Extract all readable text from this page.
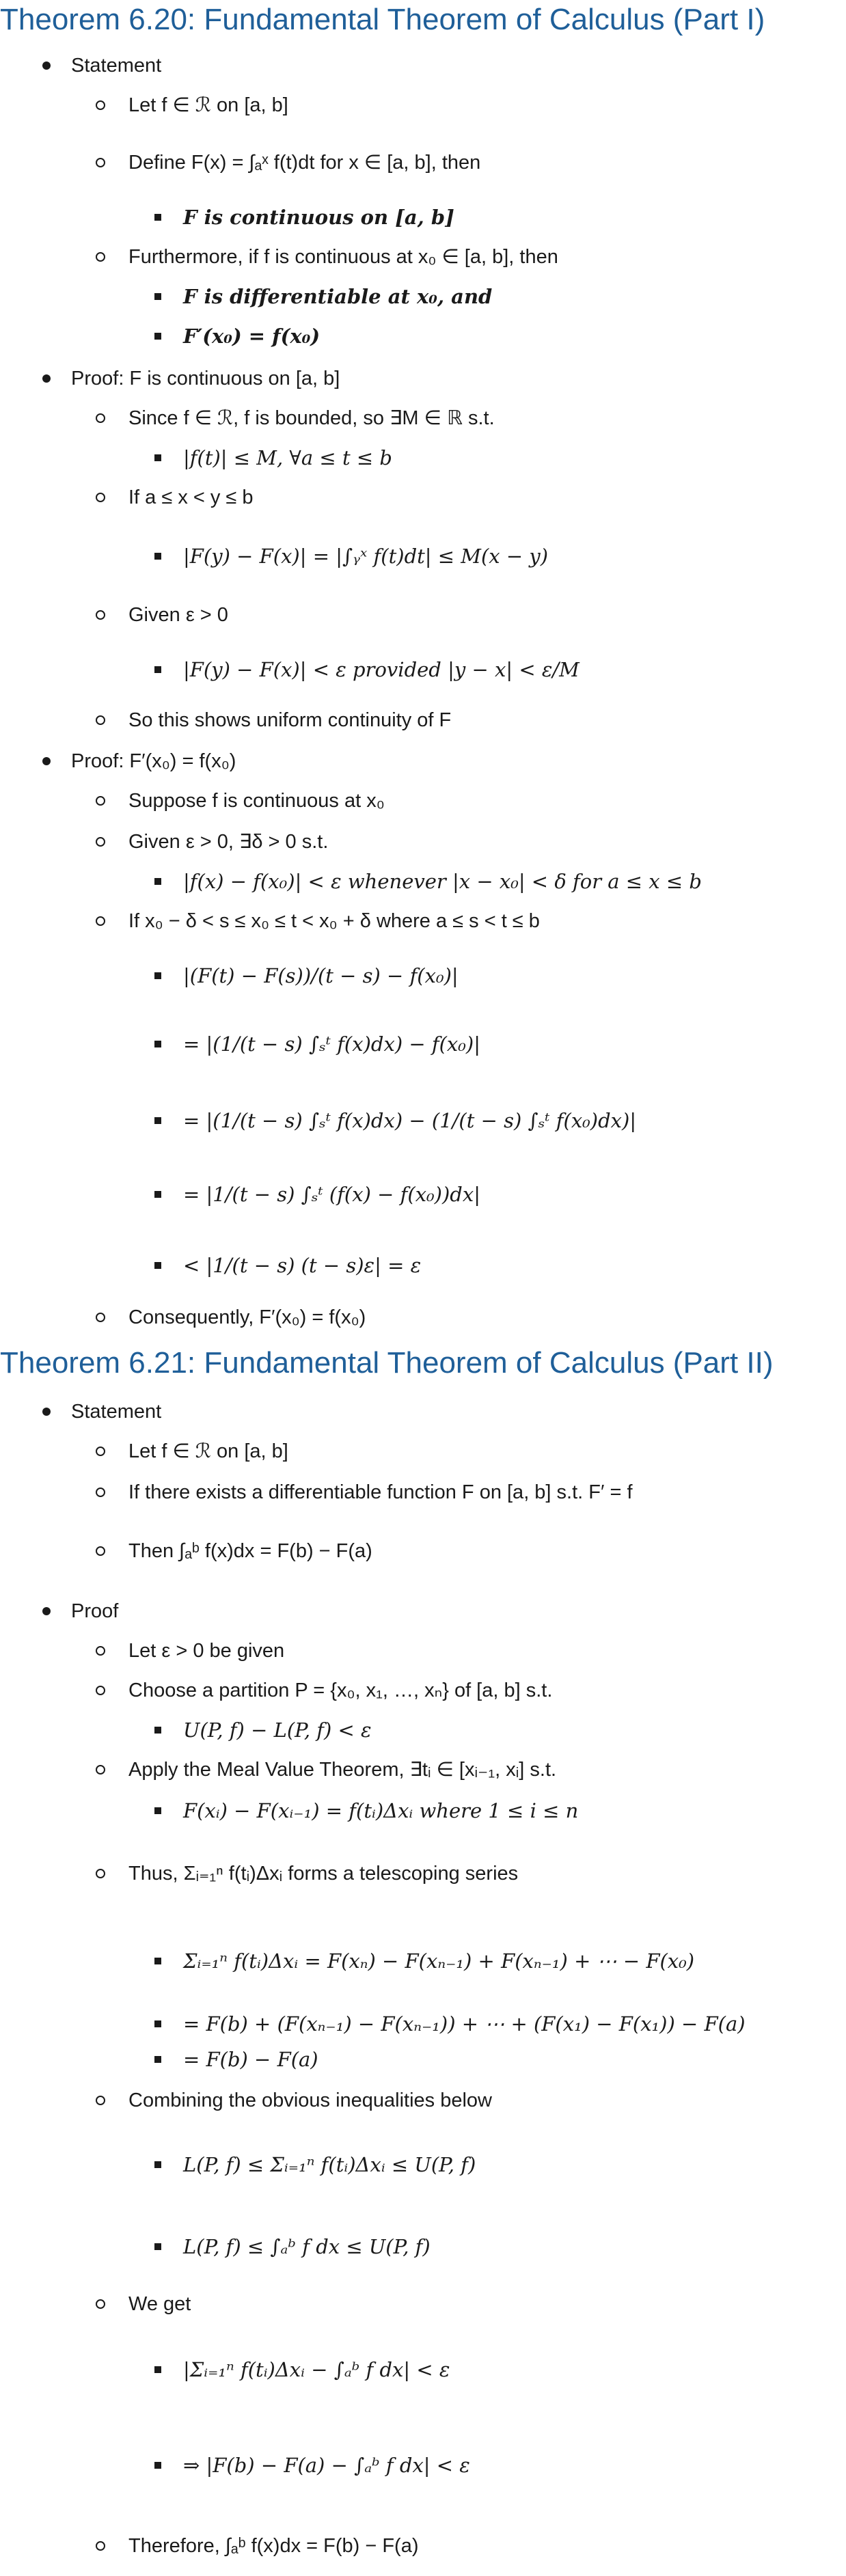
Theorem 6.20: Fundamental Theorem of Calculus (Part I)
Statement
Let f ∈ ℛ on [a, b]
Define F(x) = ∫ₐˣ f(t)dt for x ∈ [a, b], then
F is continuous on [a, b]
Furthermore, if f is continuous at x₀ ∈ [a, b], then
F is differentiable at x₀, and
F′(x₀) = f(x₀)
Proof: F is continuous on [a, b]
Since f ∈ ℛ, f is bounded, so ∃M ∈ ℝ s.t.
|f(t)| ≤ M, ∀a ≤ t ≤ b
If a ≤ x < y ≤ b
|F(y) − F(x)| = |∫ᵧˣ f(t)dt| ≤ M(x − y)
Given ε > 0
|F(y) − F(x)| < ε provided |y − x| < ε/M
So this shows uniform continuity of F
Proof: F′(x₀) = f(x₀)
Suppose f is continuous at x₀
Given ε > 0, ∃δ > 0 s.t.
|f(x) − f(x₀)| < ε whenever |x − x₀| < δ for a ≤ x ≤ b
If x₀ − δ < s ≤ x₀ ≤ t < x₀ + δ where a ≤ s < t ≤ b
|(F(t) − F(s))/(t − s) − f(x₀)|
= |(1/(t − s) ∫ₛᵗ f(x)dx) − f(x₀)|
= |(1/(t − s) ∫ₛᵗ f(x)dx) − (1/(t − s) ∫ₛᵗ f(x₀)dx)|
= |1/(t − s) ∫ₛᵗ (f(x) − f(x₀))dx|
< |1/(t − s) (t − s)ε| = ε
Consequently, F′(x₀) = f(x₀)
Theorem 6.21: Fundamental Theorem of Calculus (Part II)
Statement
Let f ∈ ℛ on [a, b]
If there exists a differentiable function F on [a, b] s.t. F′ = f
Then ∫ₐᵇ f(x)dx = F(b) − F(a)
Proof
Let ε > 0 be given
Choose a partition P = {x₀, x₁, …, xₙ} of [a, b] s.t.
U(P, f) − L(P, f) < ε
Apply the Meal Value Theorem, ∃tᵢ ∈ [xᵢ₋₁, xᵢ] s.t.
F(xᵢ) − F(xᵢ₋₁) = f(tᵢ)Δxᵢ where 1 ≤ i ≤ n
Thus, Σᵢ₌₁ⁿ f(tᵢ)Δxᵢ forms a telescoping series
Σᵢ₌₁ⁿ f(tᵢ)Δxᵢ = F(xₙ) − F(xₙ₋₁) + F(xₙ₋₁) + ⋯ − F(x₀)
= F(b) + (F(xₙ₋₁) − F(xₙ₋₁)) + ⋯ + (F(x₁) − F(x₁)) − F(a)
= F(b) − F(a)
Combining the obvious inequalities below
L(P, f) ≤ Σᵢ₌₁ⁿ f(tᵢ)Δxᵢ ≤ U(P, f)
L(P, f) ≤ ∫ₐᵇ f dx ≤ U(P, f)
We get
|Σᵢ₌₁ⁿ f(tᵢ)Δxᵢ − ∫ₐᵇ f dx| < ε
⇒ |F(b) − F(a) − ∫ₐᵇ f dx| < ε
Therefore, ∫ₐᵇ f(x)dx = F(b) − F(a)
